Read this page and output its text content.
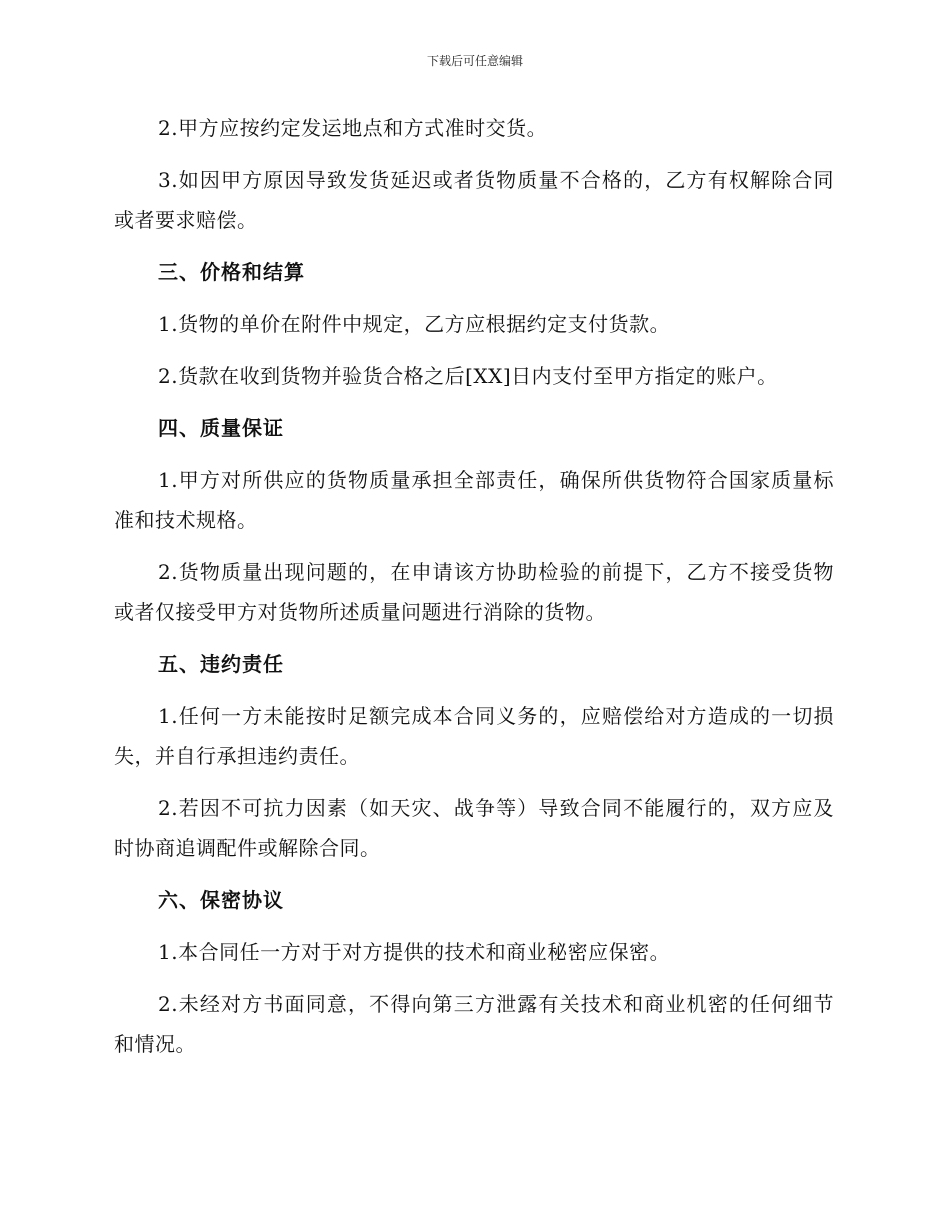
下载后可任意编辑

2.甲方应按约定发运地点和方式准时交货。

3.如因甲方原因导致发货延迟或者货物质量不合格的，乙方有权解除合同或者要求赔偿。

三、价格和结算

1.货物的单价在附件中规定，乙方应根据约定支付货款。

2.货款在收到货物并验货合格之后[XX]日内支付至甲方指定的账户。

四、质量保证

1.甲方对所供应的货物质量承担全部责任，确保所供货物符合国家质量标准和技术规格。

2.货物质量出现问题的，在申请该方协助检验的前提下，乙方不接受货物或者仅接受甲方对货物所述质量问题进行消除的货物。

五、违约责任

1.任何一方未能按时足额完成本合同义务的，应赔偿给对方造成的一切损失，并自行承担违约责任。

2.若因不可抗力因素（如天灾、战争等）导致合同不能履行的，双方应及时协商追调配件或解除合同。

六、保密协议

1.本合同任一方对于对方提供的技术和商业秘密应保密。

2.未经对方书面同意，不得向第三方泄露有关技术和商业机密的任何细节和情况。
